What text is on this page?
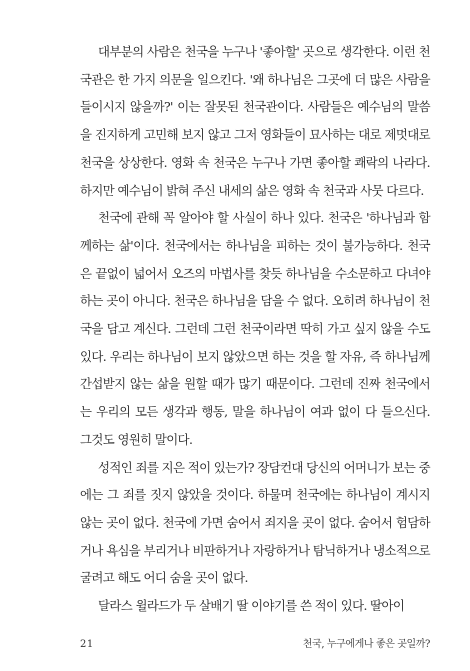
대부분의 사람은 천국을 누구나 '좋아할' 곳으로 생각한다. 이런 천국관은 한 가지 의문을 일으킨다. '왜 하나님은 그곳에 더 많은 사람을 들이시지 않을까?' 이는 잘못된 천국관이다. 사람들은 예수님의 말씀을 진지하게 고민해 보지 않고 그저 영화들이 묘사하는 대로 제멋대로 천국을 상상한다. 영화 속 천국은 누구나 가면 좋아할 쾌락의 나라다. 하지만 예수님이 밝혀 주신 내세의 삶은 영화 속 천국과 사뭇 다르다.

천국에 관해 꼭 알아야 할 사실이 하나 있다. 천국은 '하나님과 함께하는 삶'이다. 천국에서는 하나님을 피하는 것이 불가능하다. 천국은 끝없이 넓어서 오즈의 마법사를 찾듯 하나님을 수소문하고 다녀야 하는 곳이 아니다. 천국은 하나님을 담을 수 없다. 오히려 하나님이 천국을 담고 계신다. 그런데 그런 천국이라면 딱히 가고 싶지 않을 수도 있다. 우리는 하나님이 보지 않았으면 하는 것을 할 자유, 즉 하나님께 간섭받지 않는 삶을 원할 때가 많기 때문이다. 그런데 진짜 천국에서는 우리의 모든 생각과 행동, 말을 하나님이 여과 없이 다 들으신다. 그것도 영원히 말이다.

성적인 죄를 지은 적이 있는가? 장담컨대 당신의 어머니가 보는 중에는 그 죄를 짓지 않았을 것이다. 하물며 천국에는 하나님이 계시지 않는 곳이 없다. 천국에 가면 숨어서 죄지을 곳이 없다. 숨어서 험담하거나 욕심을 부리거나 비판하거나 자랑하거나 탐닉하거나 냉소적으로 굴려고 해도 어디 숨을 곳이 없다.

달라스 윌라드가 두 살배기 딸 이야기를 쓴 적이 있다. 딸아이

21	천국, 누구에게나 좋은 곳일까?
